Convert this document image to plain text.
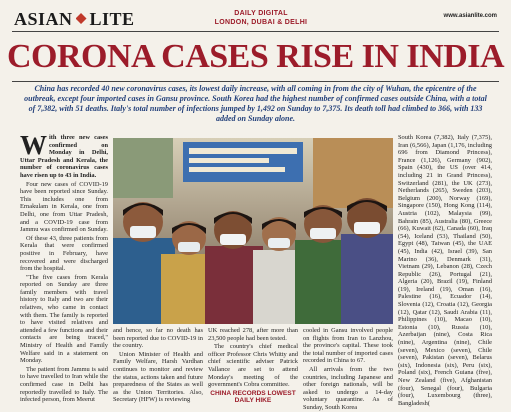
ASIAN LITE	DAILY DIGITAL
LONDON, DUBAI & DELHI
www.asianlite.com
CORONA CASES RISE IN INDIA

China has recorded 40 new coronavirus cases, its lowest daily increase, with all coming in from the city of Wuhan, the epicentre of the outbreak, except four imported cases in Gansu province. South Korea had the highest number of confirmed cases outside China, with a total of 7,382, with 51 deaths. Italy's total number of infections jumped by 1,492 on Sunday to 7,375. Its death toll had climbed to 366, with 133 added on Sunday alone.

With three new cases confirmed on Monday in Delhi, Uttar Pradesh and Kerala, the number of coronavirus cases have risen up to 43 in India.

Four new cases of COVID-19 have been reported since Sunday. This includes one from Ernakulam in Kerala, one from Delhi, one from Uttar Pradesh, and a COVID-19 case from Jammu was confirmed on Sunday.

Of these 43, three patients from Kerala that were confirmed positive in February, have recovered and were discharged from the hospital.

"The five cases from Kerala reported on Sunday are three family members with travel history to Italy and two are their relatives, who came in contact with them. The family is reported to have visited relatives and attended a few functions and their contacts are being traced," Ministry of Health and Family Welfare said in a statement on Monday.

The patient from Jammu is said to have travelled to Iran while the confirmed case in Delhi has reportedly travelled to Italy. The infected person, from Meerut

and hence, so far no death has been reported due to COVID-19 in the country.

Union Minister of Health and Family Welfare, Harsh Vardhan continues to monitor and review the status, actions taken and future preparedness of the States as well as the Union Territories. Also, Secretary (HFW) is reviewing

UK reached 278, after more than 23,500 people had been tested.

The country's chief medical officer Professor Chris Whitty and chief scientific adviser Patrick Vallance are set to attend Monday's meeting of the government's Cobra committee.

CHINA RECORDS LOWEST DAILY HIKE

cooled in Gansu involved people on flights from Iran to Lanzhou, the province's capital. These took the total number of imported cases recorded in China to 67.

All arrivals from the two countries, including Japanese and other foreign nationals, will be asked to undergo a 14-day voluntary quarantine. As of Sunday, South Korea

South Korea (7,382), Italy (7,375), Iran (6,566), Japan (1,176, including 696 from Diamond Princess), France (1,126), Germany (902), Spain (430), the US (over 414, including 21 in Grand Princess), Switzerland (281), the UK (273), Netherlands (265), Sweden (203), Belgium (200), Norway (169), Singapore (150), Hong Kong (114), Austria (102), Malaysia (99), Bahrain (85), Australia (80), Greece (66), Kuwait (62), Canada (60), Iraq (54), Iceland (53), Thailand (50), Egypt (48), Taiwan (45), the UAE (45), India (42), Israel (39), San Marino (36), Denmark (31), Vietnam (29), Lebanon (28), Czech Republic (26), Portugal (21), Algeria (20), Brazil (19), Finland (19), Ireland (19), Oman (16), Palestine (16), Ecuador (14), Slovenia (12), Croatia (12), Georgia (12), Qatar (12), Saudi Arabia (11), Philippines (10), Macao (10), Estonia (10), Russia (10), Azerbaijan (nine), Costa Rica (nine), Argentina (nine), Chile (seven), Mexico (seven), Chile (seven), Pakistan (seven), Belarus (six), Indonesia (six), Peru (six), Poland (six), French Guiana (five), New Zealand (five), Afghanistan (four), Senegal (four), Bulgaria (four), Luxembourg (three), Bangladesh(
